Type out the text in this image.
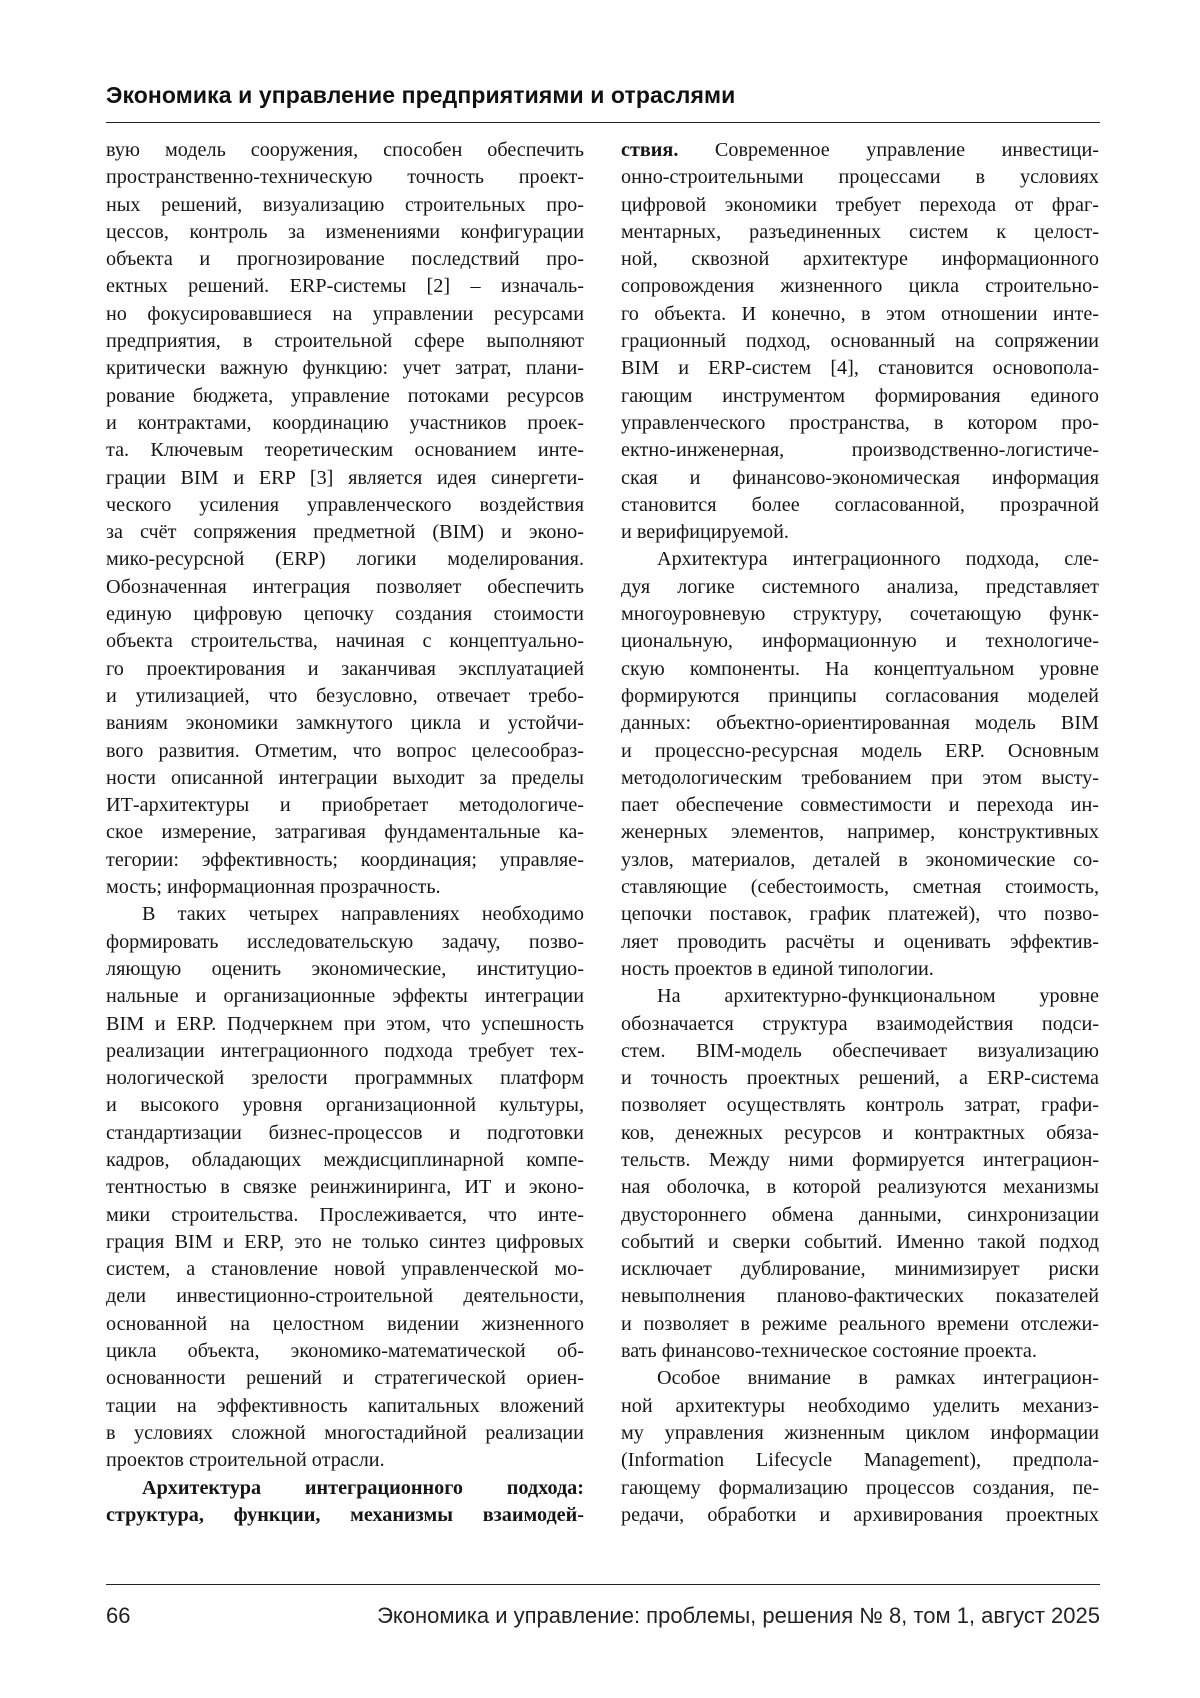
Экономика и управление предприятиями и отраслями
вую модель сооружения, способен обеспечить
пространственно-техническую точность проект-
ных решений, визуализацию строительных про-
цессов, контроль за изменениями конфигурации
объекта и прогнозирование последствий про-
ектных решений. ERP-системы [2] – изначаль-
но фокусировавшиеся на управлении ресурсами
предприятия, в строительной сфере выполняют
критически важную функцию: учет затрат, плани-
рование бюджета, управление потоками ресурсов
и контрактами, координацию участников проек-
та. Ключевым теоретическим основанием инте-
грации BIM и ERP [3] является идея синергети-
ческого усиления управленческого воздействия
за счёт сопряжения предметной (BIM) и эконо-
мико-ресурсной (ERP) логики моделирования.
Обозначенная интеграция позволяет обеспечить
единую цифровую цепочку создания стоимости
объекта строительства, начиная с концептуально-
го проектирования и заканчивая эксплуатацией
и утилизацией, что безусловно, отвечает требо-
ваниям экономики замкнутого цикла и устойчи-
вого развития. Отметим, что вопрос целесообраз-
ности описанной интеграции выходит за пределы
ИТ-архитектуры и приобретает методологиче-
ское измерение, затрагивая фундаментальные ка-
тегории: эффективность; координация; управляе-
мость; информационная прозрачность.
В таких четырех направлениях необходимо
формировать исследовательскую задачу, позво-
ляющую оценить экономические, институцио-
нальные и организационные эффекты интеграции
BIM и ERP. Подчеркнем при этом, что успешность
реализации интеграционного подхода требует тех-
нологической зрелости программных платформ
и высокого уровня организационной культуры,
стандартизации бизнес-процессов и подготовки
кадров, обладающих междисциплинарной компе-
тентностью в связке реинжиниринга, ИТ и эконо-
мики строительства. Прослеживается, что инте-
грация BIM и ERP, это не только синтез цифровых
систем, а становление новой управленческой мо-
дели инвестиционно-строительной деятельности,
основанной на целостном видении жизненного
цикла объекта, экономико-математической об-
основанности решений и стратегической ориен-
тации на эффективность капитальных вложений
в условиях сложной многостадийной реализации
проектов строительной отрасли.
Архитектура интеграционного подхода:
структура, функции, механизмы взаимодей-
ствия. Современное управление инвестици-
онно-строительными процессами в условиях
цифровой экономики требует перехода от фраг-
ментарных, разъединенных систем к целост-
ной, сквозной архитектуре информационного
сопровождения жизненного цикла строительно-
го объекта. И конечно, в этом отношении инте-
грационный подход, основанный на сопряжении
BIM и ERP-систем [4], становится основопола-
гающим инструментом формирования единого
управленческого пространства, в котором про-
ектно-инженерная, производственно-логистиче-
ская и финансово-экономическая информация
становится более согласованной, прозрачной
и верифицируемой.
Архитектура интеграционного подхода, сле-
дуя логике системного анализа, представляет
многоуровневую структуру, сочетающую функ-
циональную, информационную и технологиче-
скую компоненты. На концептуальном уровне
формируются принципы согласования моделей
данных: объектно-ориентированная модель BIM
и процессно-ресурсная модель ERP. Основным
методологическим требованием при этом высту-
пает обеспечение совместимости и перехода ин-
женерных элементов, например, конструктивных
узлов, материалов, деталей в экономические со-
ставляющие (себестоимость, сметная стоимость,
цепочки поставок, график платежей), что позво-
ляет проводить расчёты и оценивать эффектив-
ность проектов в единой типологии.
На архитектурно-функциональном уровне
обозначается структура взаимодействия подси-
стем. BIM-модель обеспечивает визуализацию
и точность проектных решений, а ERP-система
позволяет осуществлять контроль затрат, графи-
ков, денежных ресурсов и контрактных обяза-
тельств. Между ними формируется интеграцион-
ная оболочка, в которой реализуются механизмы
двустороннего обмена данными, синхронизации
событий и сверки событий. Именно такой подход
исключает дублирование, минимизирует риски
невыполнения планово-фактических показателей
и позволяет в режиме реального времени отслежи-
вать финансово-техническое состояние проекта.
Особое внимание в рамках интеграцион-
ной архитектуры необходимо уделить механиз-
му управления жизненным циклом информации
(Information Lifecycle Management), предпола-
гающему формализацию процессов создания, пе-
редачи, обработки и архивирования проектных
66	Экономика и управление: проблемы, решения № 8, том 1, август 2025
